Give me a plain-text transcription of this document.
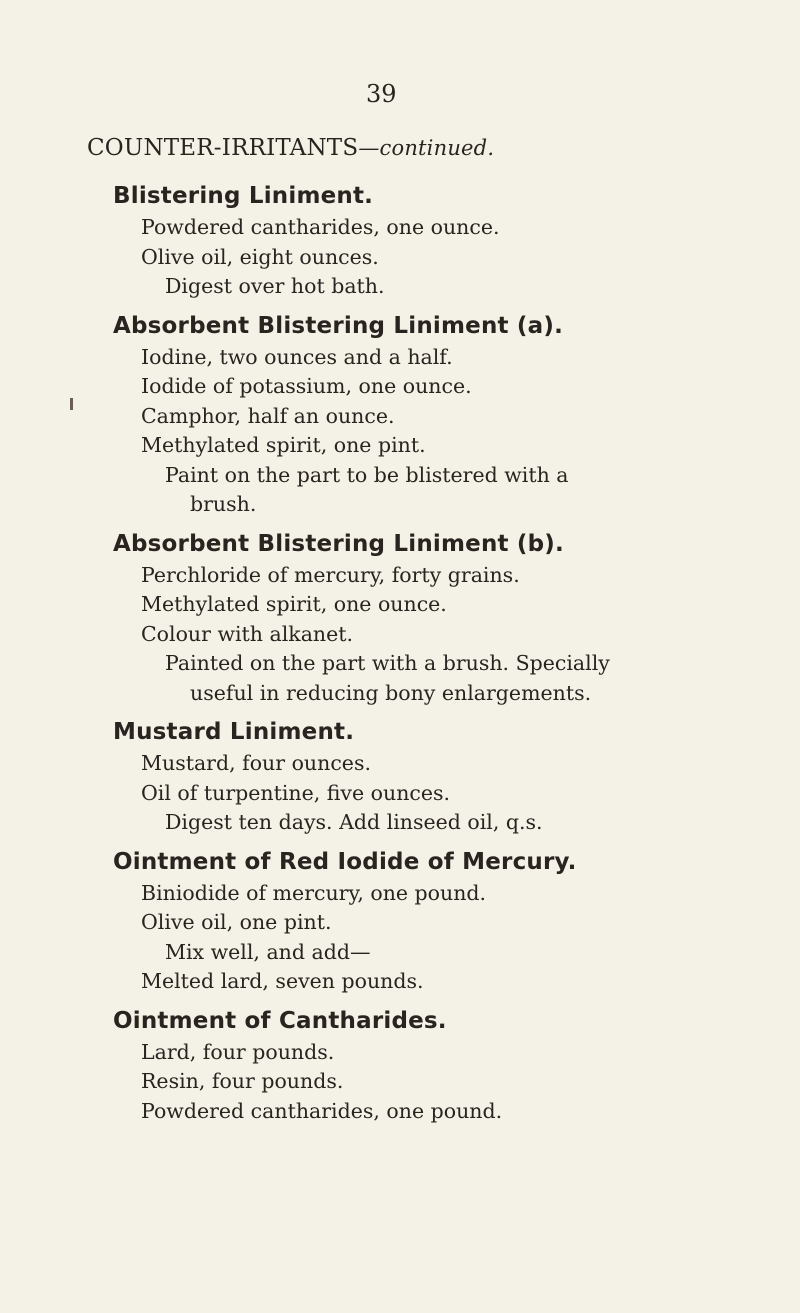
39
COUNTER-IRRITANTS—continued.
Blistering Liniment.
Powdered cantharides, one ounce.
Olive oil, eight ounces.
Digest over hot bath.
Absorbent Blistering Liniment (a).
Iodine, two ounces and a half.
Iodide of potassium, one ounce.
Camphor, half an ounce.
Methylated spirit, one pint.
Paint on the part to be blistered with a
brush.
Absorbent Blistering Liniment (b).
Perchloride of mercury, forty grains.
Methylated spirit, one ounce.
Colour with alkanet.
Painted on the part with a brush. Specially
useful in reducing bony enlargements.
Mustard Liniment.
Mustard, four ounces.
Oil of turpentine, five ounces.
Digest ten days. Add linseed oil, q.s.
Ointment of Red Iodide of Mercury.
Biniodide of mercury, one pound.
Olive oil, one pint.
Mix well, and add—
Melted lard, seven pounds.
Ointment of Cantharides.
Lard, four pounds.
Resin, four pounds.
Powdered cantharides, one pound.
